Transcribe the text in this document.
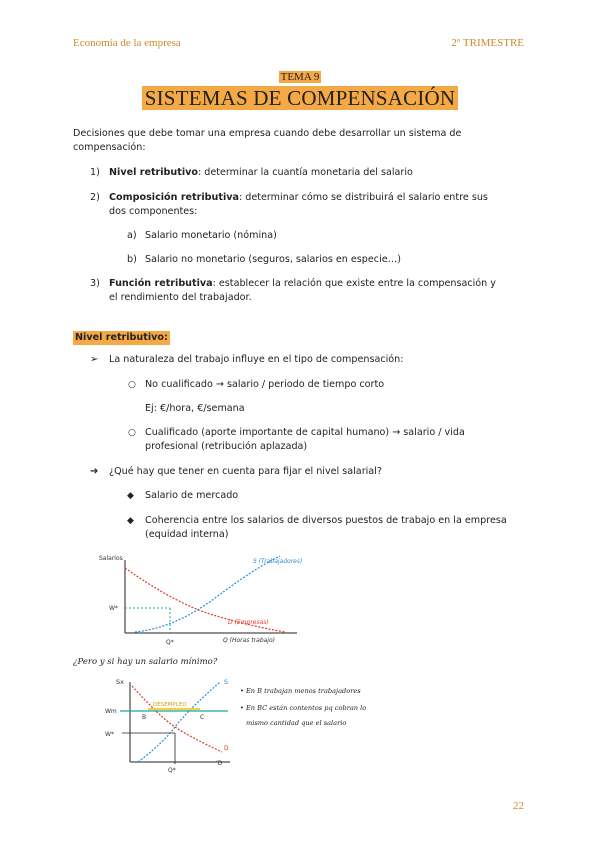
Economía de la empresa	2º TRIMESTRE
TEMA 9
SISTEMAS DE COMPENSACIÓN
Decisiones que debe tomar una empresa cuando debe desarrollar un sistema de
compensación:
1) Nivel retributivo: determinar la cuantía monetaria del salario
2) Composición retributiva: determinar cómo se distribuirá el salario entre sus
dos componentes:
a) Salario monetario (nómina)
b) Salario no monetario (seguros, salarios en especie…)
3) Función retributiva: establecer la relación que existe entre la compensación y
el rendimiento del trabajador.
Nivel retributivo:
➢ La naturaleza del trabajo influye en el tipo de compensación:
○ No cualificado → salario / periodo de tiempo corto
Ej: €/hora, €/semana
○ Cualificado (aporte importante de capital humano) → salario / vida
profesional (retribución aplazada)
➔ ¿Qué hay que tener en cuenta para fijar el nivel salarial?
◆ Salario de mercado
◆ Coherencia entre los salarios de diversos puestos de trabajo en la empresa
(equidad interna)
Salarios	S (Trabajadores)
D (Empresas)
Q (Horas trabajo)
W*
Q*
¿Pero y si hay un salario mínimo?
Sx	S
Wm
W*
DESEMPLEO
B	C
D
'D
Q*
• En B trabajan menos trabajadores
• En BC están contentos pq cobran lo
mismo cantidad que el salario
22
